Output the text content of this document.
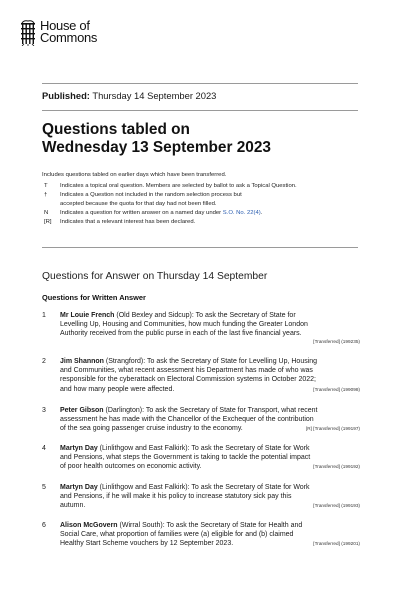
House of
Commons
Published: Thursday 14 September 2023
Questions tabled on
Wednesday 13 September 2023
Includes questions tabled on earlier days which have been transferred.
T	Indicates a topical oral question. Members are selected by ballot to ask a Topical Question.
†	Indicates a Question not included in the random selection process but
accepted because the quota for that day had not been filled.
N	Indicates a question for written answer on a named day under S.O. No. 22(4).
[R]	Indicates that a relevant interest has been declared.
Questions for Answer on Thursday 14 September
Questions for Written Answer
1	Mr Louie French (Old Bexley and Sidcup): To ask the Secretary of State for
Levelling Up, Housing and Communities, how much funding the Greater London
Authority received from the public purse in each of the last five financial years.
[Transferred] (199235)
2	Jim Shannon (Strangford): To ask the Secretary of State for Levelling Up, Housing
and Communities, what recent assessment his Department has made of who was
responsible for the cyberattack on Electoral Commission systems in October 2022;
and how many people were affected.	[Transferred] (199098)
3	Peter Gibson (Darlington): To ask the Secretary of State for Transport, what recent
assessment he has made with the Chancellor of the Exchequer of the contribution
of the sea going passenger cruise industry to the economy.	[R] [Transferred] (199197)
4	Martyn Day (Linlithgow and East Falkirk): To ask the Secretary of State for Work
and Pensions, what steps the Government is taking to tackle the potential impact
of poor health outcomes on economic activity.	[Transferred] (199192)
5	Martyn Day (Linlithgow and East Falkirk): To ask the Secretary of State for Work
and Pensions, if he will make it his policy to increase statutory sick pay this
autumn.	[Transferred] (199193)
6	Alison McGovern (Wirral South): To ask the Secretary of State for Health and
Social Care, what proportion of families were (a) eligible for and (b) claimed
Healthy Start Scheme vouchers by 12 September 2023.	[Transferred] (199201)
